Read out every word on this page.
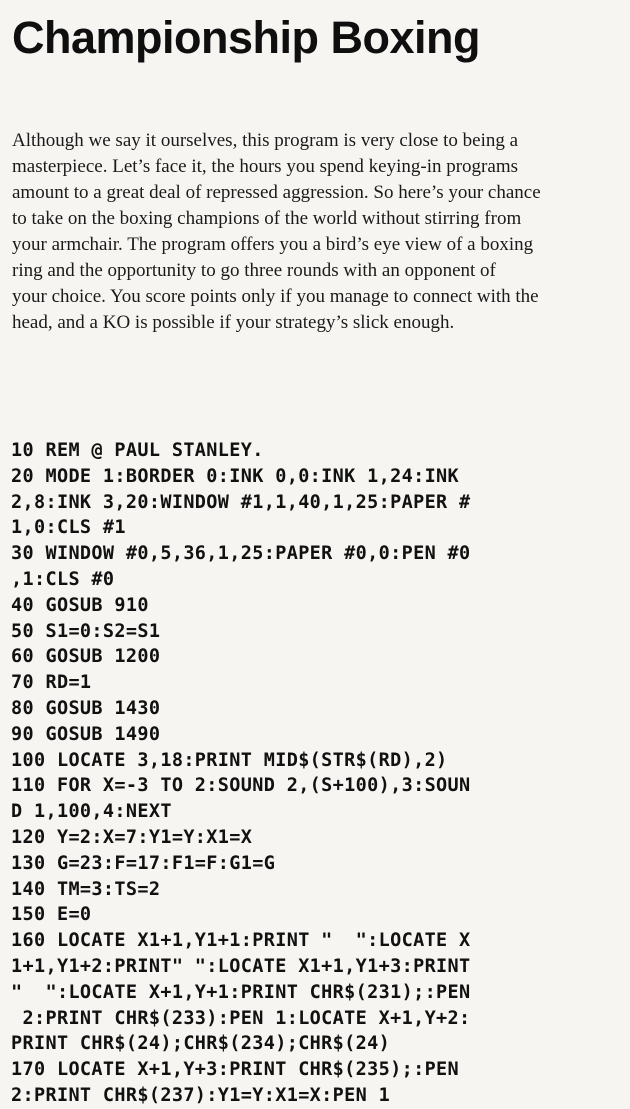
Championship Boxing

Although we say it ourselves, this program is very close to being a
masterpiece. Let’s face it, the hours you spend keying-in programs
amount to a great deal of repressed aggression. So here’s your chance
to take on the boxing champions of the world without stirring from
your armchair. The program offers you a bird’s eye view of a boxing
ring and the opportunity to go three rounds with an opponent of
your choice. You score points only if you manage to connect with the
head, and a KO is possible if your strategy’s slick enough.

10 REM @ PAUL STANLEY.
20 MODE 1:BORDER 0:INK 0,0:INK 1,24:INK
2,8:INK 3,20:WINDOW #1,1,40,1,25:PAPER #
1,0:CLS #1
30 WINDOW #0,5,36,1,25:PAPER #0,0:PEN #0
,1:CLS #0
40 GOSUB 910
50 S1=0:S2=S1
60 GOSUB 1200
70 RD=1
80 GOSUB 1430
90 GOSUB 1490
100 LOCATE 3,18:PRINT MID$(STR$(RD),2)
110 FOR X=-3 TO 2:SOUND 2,(S+100),3:SOUN
D 1,100,4:NEXT
120 Y=2:X=7:Y1=Y:X1=X
130 G=23:F=17:F1=F:G1=G
140 TM=3:TS=2
150 E=0
160 LOCATE X1+1,Y1+1:PRINT "  ":LOCATE X
1+1,Y1+2:PRINT" ":LOCATE X1+1,Y1+3:PRINT
"  ":LOCATE X+1,Y+1:PRINT CHR$(231);:PEN
2:PRINT CHR$(233):PEN 1:LOCATE X+1,Y+2:
PRINT CHR$(24);CHR$(234);CHR$(24)
170 LOCATE X+1,Y+3:PRINT CHR$(235);:PEN
2:PRINT CHR$(237):Y1=Y:X1=X:PEN 1
